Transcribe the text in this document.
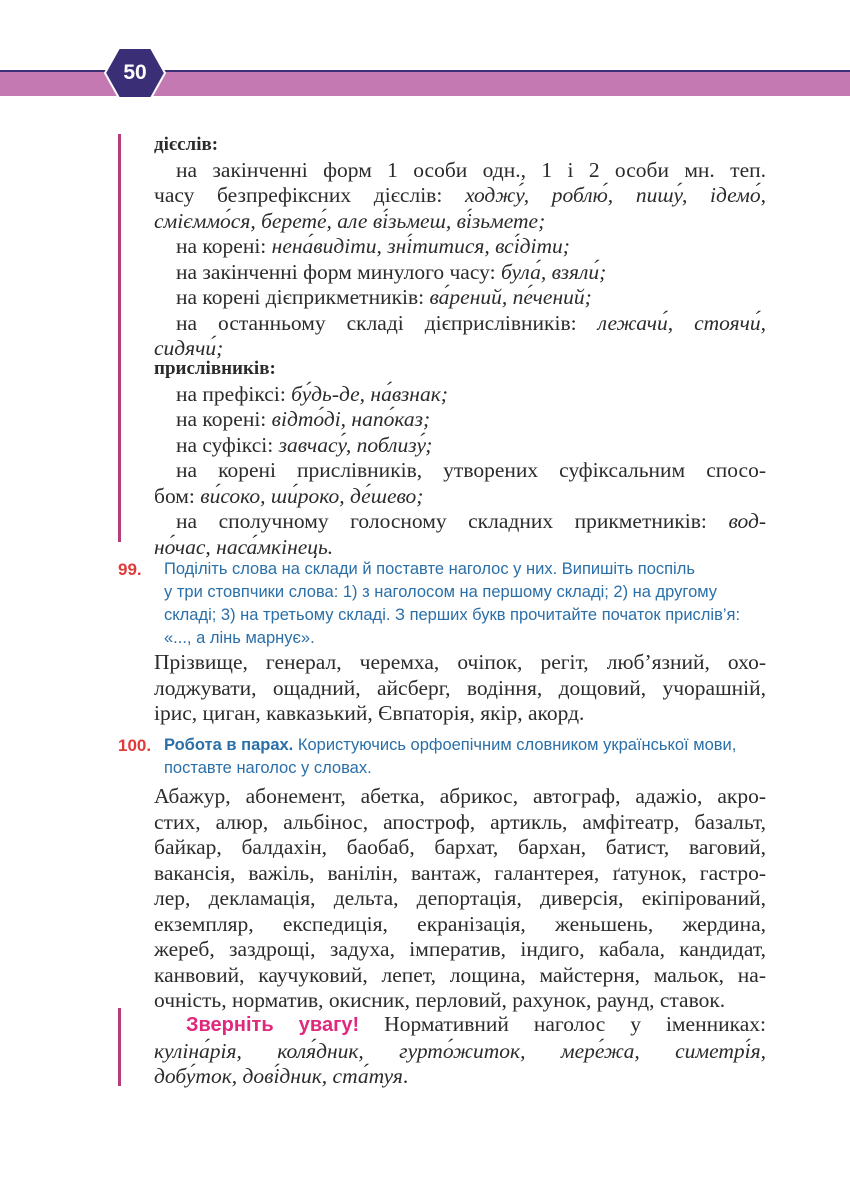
50
дієслів:
на закінченні форм 1 особи одн., 1 і 2 особи мн. теп.
часу безпрефіксних дієслів: ходжу́, роблю́, пишу́, ідемо́,
смієммо́ся, берете́, але ві́зьмеш, ві́зьмете;
на корені: нена́видіти, зні́титися, всі́діти;
на закінченні форм минулого часу: була́, взяли́;
на корені дієприкметників: ва́рений, пе́чений;
на останньому складі дієприслівників: лежачи́, стоячи́,
сидячи́;
прислівників:
на префіксі: бу́дь-де, на́взнак;
на корені: відто́ді, напо́каз;
на суфіксі: завчасу́, поблизу́;
на корені прислівників, утворених суфіксальним спосо-
бом: ви́соко, ши́роко, де́шево;
на сполучному голосному складних прикметників: вод-
но́час, наса́мкінець.
99. Поділіть слова на склади й поставте наголос у них. Випишіть поспіль
у три стовпчики слова: 1) з наголосом на першому складі; 2) на другому
складі; 3) на третьому складі. З перших букв прочитайте початок прислів’я:
«..., а лінь марнує».
Прізвище, генерал, черемха, очіпок, регіт, люб’язний, охо-
лоджувати, ощадний, айсберг, водіння, дощовий, учорашній,
ірис, циган, кавказький, Євпаторія, якір, акорд.
100. Робота в парах. Користуючись орфоепічним словником української мови,
поставте наголос у словах.
Абажур, абонемент, абетка, абрикос, автограф, адажіо, акро-
стих, алюр, альбінос, апостроф, артикль, амфітеатр, базальт,
байкар, балдахін, баобаб, бархат, бархан, батист, ваговий,
вакансія, важіль, ванілін, вантаж, галантерея, ґатунок, гастро-
лер, декламація, дельта, депортація, диверсія, екіпірований,
екземпляр, експедиція, екранізація, женьшень, жердина,
жереб, заздрощі, задуха, імператив, індиго, кабала, кандидат,
канвовий, каучуковий, лепет, лощина, майстерня, мальок, на-
очність, норматив, окисник, перловий, рахунок, раунд, ставок.
Зверніть увагу! Нормативний наголос у іменниках:
кулiна́рія, коля́дник, гурто́житок, мере́жа, симетрі́я,
добу́ток, дові́дник, ста́туя.
